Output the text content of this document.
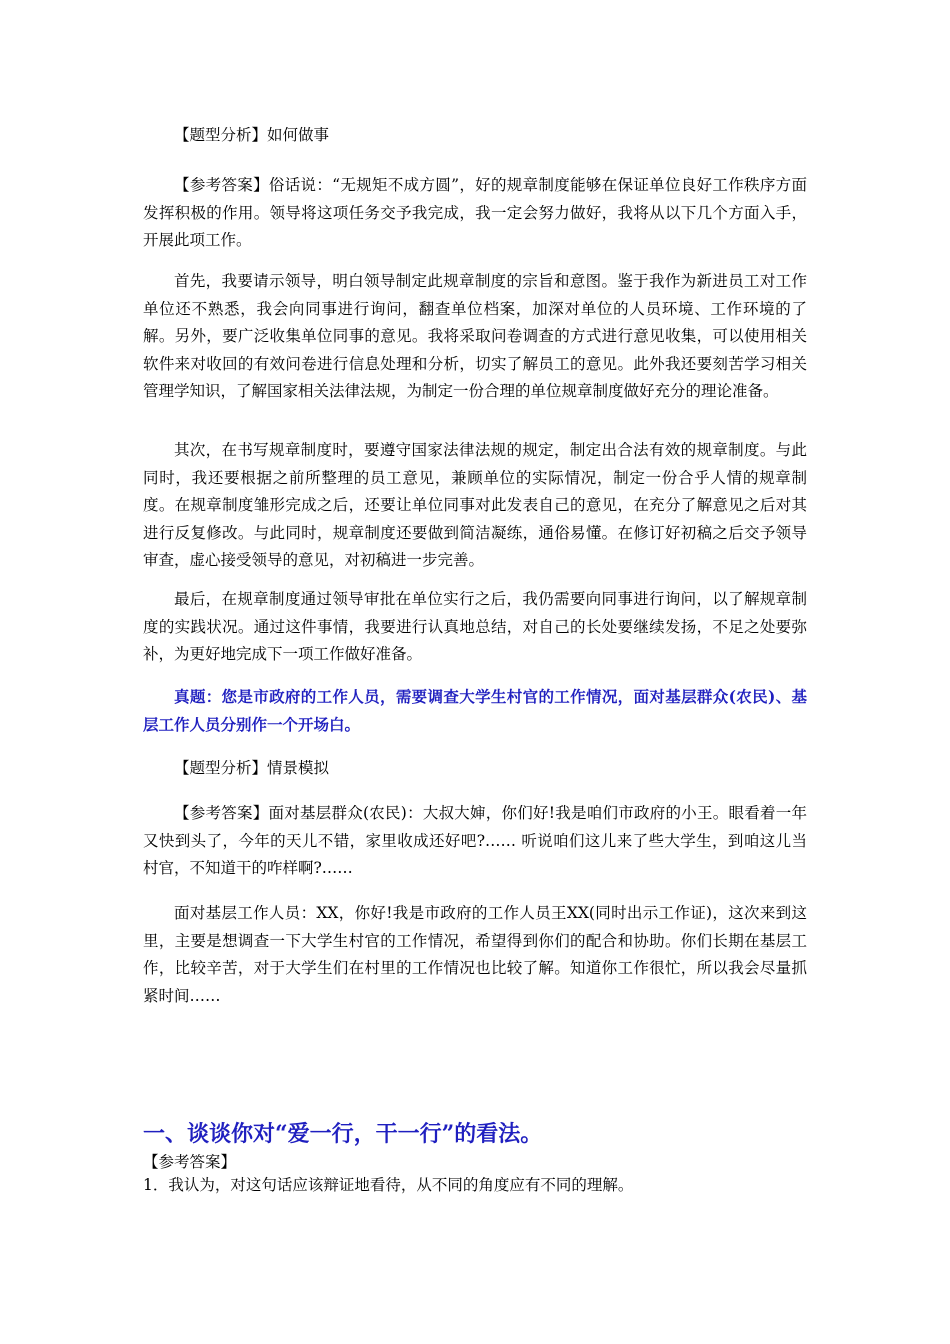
【题型分析】如何做事

【参考答案】俗话说：“无规矩不成方圆”，好的规章制度能够在保证单位良好工作秩序方面发挥积极的作用。领导将这项任务交予我完成，我一定会努力做好，我将从以下几个方面入手，开展此项工作。

首先，我要请示领导，明白领导制定此规章制度的宗旨和意图。鉴于我作为新进员工对工作单位还不熟悉，我会向同事进行询问，翻查单位档案，加深对单位的人员环境、工作环境的了解。另外，要广泛收集单位同事的意见。我将采取问卷调查的方式进行意见收集，可以使用相关软件来对收回的有效问卷进行信息处理和分析，切实了解员工的意见。此外我还要刻苦学习相关管理学知识，了解国家相关法律法规，为制定一份合理的单位规章制度做好充分的理论准备。

其次，在书写规章制度时，要遵守国家法律法规的规定，制定出合法有效的规章制度。与此同时，我还要根据之前所整理的员工意见，兼顾单位的实际情况，制定一份合乎人情的规章制度。在规章制度雏形完成之后，还要让单位同事对此发表自己的意见，在充分了解意见之后对其进行反复修改。与此同时，规章制度还要做到简洁凝练，通俗易懂。在修订好初稿之后交予领导审查，虚心接受领导的意见，对初稿进一步完善。

最后，在规章制度通过领导审批在单位实行之后，我仍需要向同事进行询问，以了解规章制度的实践状况。通过这件事情，我要进行认真地总结，对自己的长处要继续发扬，不足之处要弥补，为更好地完成下一项工作做好准备。

真题：您是市政府的工作人员，需要调查大学生村官的工作情况，面对基层群众(农民)、基层工作人员分别作一个开场白。

【题型分析】情景模拟

【参考答案】面对基层群众(农民)：大叔大婶，你们好!我是咱们市政府的小王。眼看着一年又快到头了，今年的天儿不错，家里收成还好吧?…… 听说咱们这儿来了些大学生，到咱这儿当村官，不知道干的咋样啊?……

面对基层工作人员：XX，你好!我是市政府的工作人员王XX(同时出示工作证)，这次来到这里，主要是想调查一下大学生村官的工作情况，希望得到你们的配合和协助。你们长期在基层工作，比较辛苦，对于大学生们在村里的工作情况也比较了解。知道你工作很忙，所以我会尽量抓紧时间……

一、谈谈你对“爱一行，干一行”的看法。

【参考答案】

1．我认为，对这句话应该辩证地看待，从不同的角度应有不同的理解。
